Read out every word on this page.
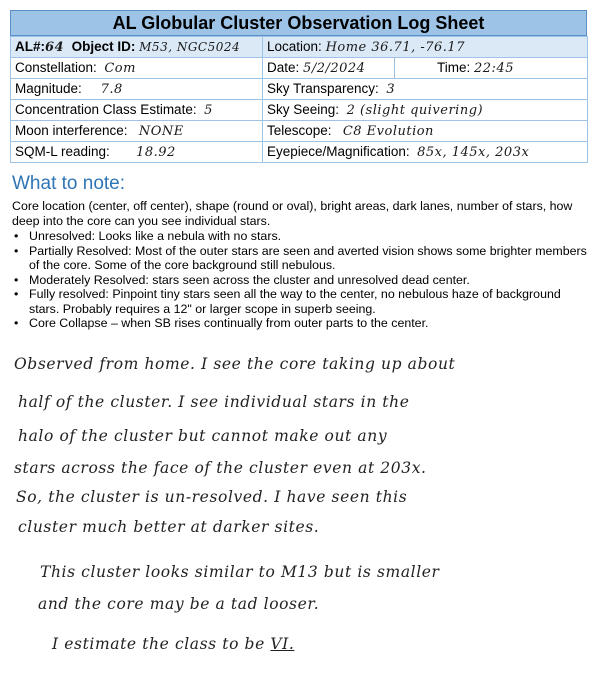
AL Globular Cluster Observation Log Sheet
AL#:64 Object ID: M53, NGC5024	Location: Home 36.71, -76.17	
Constellation: Com	Date: 5/2/2024	Time: 22:45
Magnitude: 7.8	Sky Transparency: 3	
Concentration Class Estimate: 5	Sky Seeing: 2 (slight quivering)	
Moon interference: NONE	Telescope: C8 Evolution	
SQM-L reading: 18.92	Eyepiece/Magnification: 85x, 145x, 203x	
What to note:
Core location (center, off center), shape (round or oval), bright areas, dark lanes, number of stars, how deep into the core can you see individual stars.
• Unresolved: Looks like a nebula with no stars.
• Partially Resolved: Most of the outer stars are seen and averted vision shows some brighter members of the core. Some of the core background still nebulous.
• Moderately Resolved: stars seen across the cluster and unresolved dead center.
• Fully resolved: Pinpoint tiny stars seen all the way to the center, no nebulous haze of background stars. Probably requires a 12" or larger scope in superb seeing.
• Core Collapse – when SB rises continually from outer parts to the center.
Observed from home. I see the core taking up about
half of the cluster. I see individual stars in the
halo of the cluster but cannot make out any
stars across the face of the cluster even at 203x.
So, the cluster is un-resolved. I have seen this
cluster much better at darker sites.
This cluster looks similar to M13 but is smaller
and the core may be a tad looser.
I estimate the class to be VI.
